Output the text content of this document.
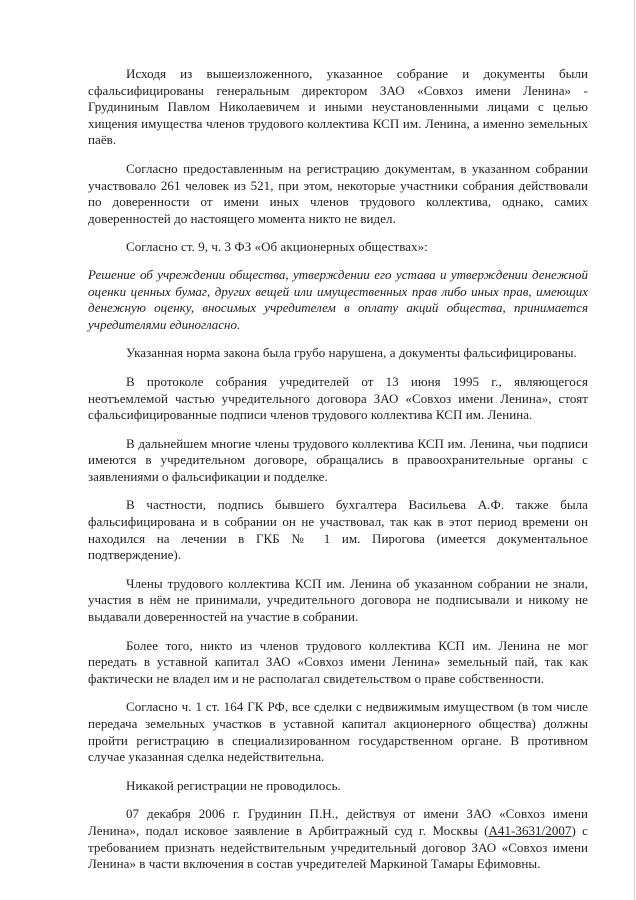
Исходя из вышеизложенного, указанное собрание и документы были сфальсифицированы генеральным директором ЗАО «Совхоз имени Ленина» - Грудининым Павлом Николаевичем и иными неустановленными лицами с целью хищения имущества членов трудового коллектива КСП им. Ленина, а именно земельных паёв.

Согласно предоставленным на регистрацию документам, в указанном собрании участвовало 261 человек из 521, при этом, некоторые участники собрания действовали по доверенности от имени иных членов трудового коллектива, однако, самих доверенностей до настоящего момента никто не видел.

Согласно ст. 9, ч. 3 ФЗ «Об акционерных обществах»:

Решение об учреждении общества, утверждении его устава и утверждении денежной оценки ценных бумаг, других вещей или имущественных прав либо иных прав, имеющих денежную оценку, вносимых учредителем в оплату акций общества, принимается учредителями единогласно.

Указанная норма закона была грубо нарушена, а документы фальсифицированы.

В протоколе собрания учредителей от 13 июня 1995 г., являющегося неотъемлемой частью учредительного договора ЗАО «Совхоз имени Ленина», стоят сфальсифицированные подписи членов трудового коллектива КСП им. Ленина.

В дальнейшем многие члены трудового коллектива КСП им. Ленина, чьи подписи имеются в учредительном договоре, обращались в правоохранительные органы с заявлениями о фальсификации и подделке.

В частности, подпись бывшего бухгалтера Васильева А.Ф. также была фальсифицирована и в собрании он не участвовал, так как в этот период времени он находился на лечении в ГКБ № 1 им. Пирогова (имеется документальное подтверждение).

Члены трудового коллектива КСП им. Ленина об указанном собрании не знали, участия в нём не принимали, учредительного договора не подписывали и никому не выдавали доверенностей на участие в собрании.

Более того, никто из членов трудового коллектива КСП им. Ленина не мог передать в уставной капитал ЗАО «Совхоз имени Ленина» земельный пай, так как фактически не владел им и не располагал свидетельством о праве собственности.

Согласно ч. 1 ст. 164 ГК РФ, все сделки с недвижимым имуществом (в том числе передача земельных участков в уставной капитал акционерного общества) должны пройти регистрацию в специализированном государственном органе. В противном случае указанная сделка недействительна.

Никакой регистрации не проводилось.

07 декабря 2006 г. Грудинин П.Н., действуя от имени ЗАО «Совхоз имени Ленина», подал исковое заявление в Арбитражный суд г. Москвы (А41-3631/2007) с требованием признать недействительным учредительный договор ЗАО «Совхоз имени Ленина» в части включения в состав учредителей Маркиной Тамары Ефимовны.
